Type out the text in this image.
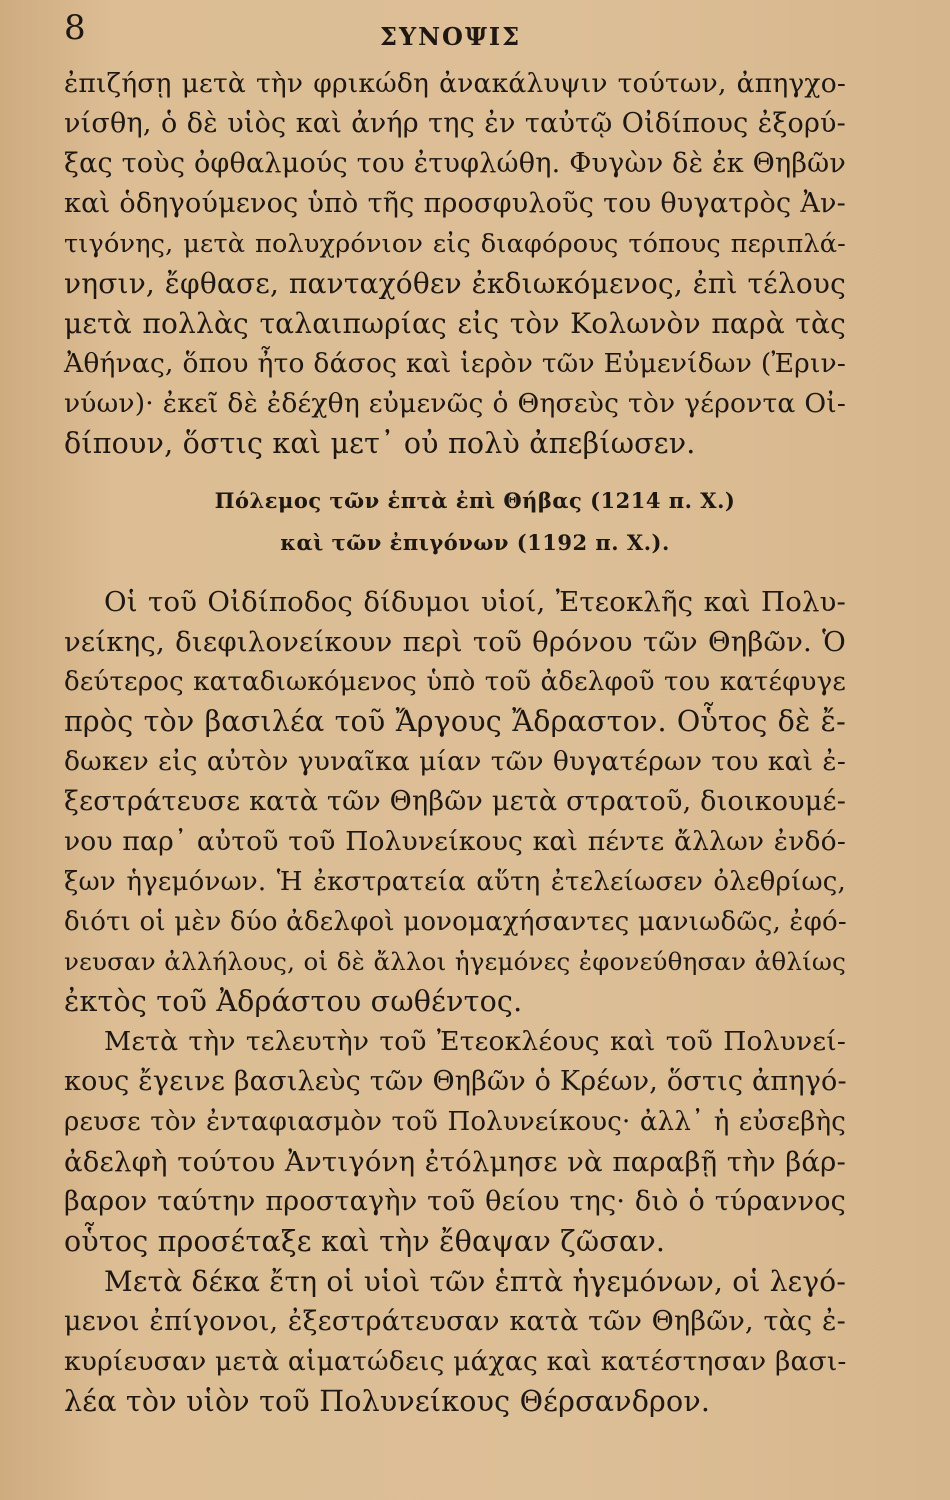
8	ΣΥΝΟΨΙΣ
ἐπιζήσῃ μετὰ τὴν φρικώδη ἀνακάλυψιν τούτων, ἀπηγχο-
νίσθη, ὁ δὲ υἱὸς καὶ ἀνήρ της ἐν ταὐτῷ Οἰδίπους ἐξορύ-
ξας τοὺς ὀφθαλμούς του ἐτυφλώθη. Φυγὼν δὲ ἐκ Θηβῶν
καὶ ὁδηγούμενος ὑπὸ τῆς προσφυλοῦς του θυγατρὸς Ἀν-
τιγόνης, μετὰ πολυχρόνιον εἰς διαφόρους τόπους περιπλά-
νησιν, ἔφθασε, πανταχόθεν ἐκδιωκόμενος, ἐπὶ τέλους
μετὰ πολλὰς ταλαιπωρίας εἰς τὸν Κολωνὸν παρὰ τὰς
Ἀθήνας, ὅπου ἦτο δάσος καὶ ἱερὸν τῶν Εὐμενίδων (Ἐριν-
νύων)· ἐκεῖ δὲ ἐδέχθη εὐμενῶς ὁ Θησεὺς τὸν γέροντα Οἰ-
δίπουν, ὅστις καὶ μετ᾽ οὐ πολὺ ἀπεβίωσεν.
Πόλεμος τῶν ἑπτὰ ἐπὶ Θήβας (1214 π. Χ.)
καὶ τῶν ἐπιγόνων (1192 π. Χ.).
Οἱ τοῦ Οἰδίποδος δίδυμοι υἱοί, Ἐτεοκλῆς καὶ Πολυ-
νείκης, διεφιλονείκουν περὶ τοῦ θρόνου τῶν Θηβῶν. Ὁ
δεύτερος καταδιωκόμενος ὑπὸ τοῦ ἀδελφοῦ του κατέφυγε
πρὸς τὸν βασιλέα τοῦ Ἄργους Ἄδραστον. Οὗτος δὲ ἔ-
δωκεν εἰς αὐτὸν γυναῖκα μίαν τῶν θυγατέρων του καὶ ἐ-
ξεστράτευσε κατὰ τῶν Θηβῶν μετὰ στρατοῦ, διοικουμέ-
νου παρ᾽ αὐτοῦ τοῦ Πολυνείκους καὶ πέντε ἄλλων ἐνδό-
ξων ἡγεμόνων. Ἡ ἐκστρατεία αὕτη ἐτελείωσεν ὀλεθρίως,
διότι οἱ μὲν δύο ἀδελφοὶ μονομαχήσαντες μανιωδῶς, ἐφό-
νευσαν ἀλλήλους, οἱ δὲ ἄλλοι ἡγεμόνες ἐφονεύθησαν ἀθλίως
ἐκτὸς τοῦ Ἀδράστου σωθέντος.
Μετὰ τὴν τελευτὴν τοῦ Ἐτεοκλέους καὶ τοῦ Πολυνεί-
κους ἔγεινε βασιλεὺς τῶν Θηβῶν ὁ Κρέων, ὅστις ἀπηγό-
ρευσε τὸν ἐνταφιασμὸν τοῦ Πολυνείκους· ἀλλ᾽ ἡ εὐσεβὴς
ἀδελφὴ τούτου Ἀντιγόνη ἐτόλμησε νὰ παραβῇ τὴν βάρ-
βαρον ταύτην προσταγὴν τοῦ θείου της· διὸ ὁ τύραννος
οὗτος προσέταξε καὶ τὴν ἔθαψαν ζῶσαν.
Μετὰ δέκα ἔτη οἱ υἱοὶ τῶν ἑπτὰ ἡγεμόνων, οἱ λεγό-
μενοι ἐπίγονοι, ἐξεστράτευσαν κατὰ τῶν Θηβῶν, τὰς ἐ-
κυρίευσαν μετὰ αἱματώδεις μάχας καὶ κατέστησαν βασι-
λέα τὸν υἱὸν τοῦ Πολυνείκους Θέρσανδρον.
